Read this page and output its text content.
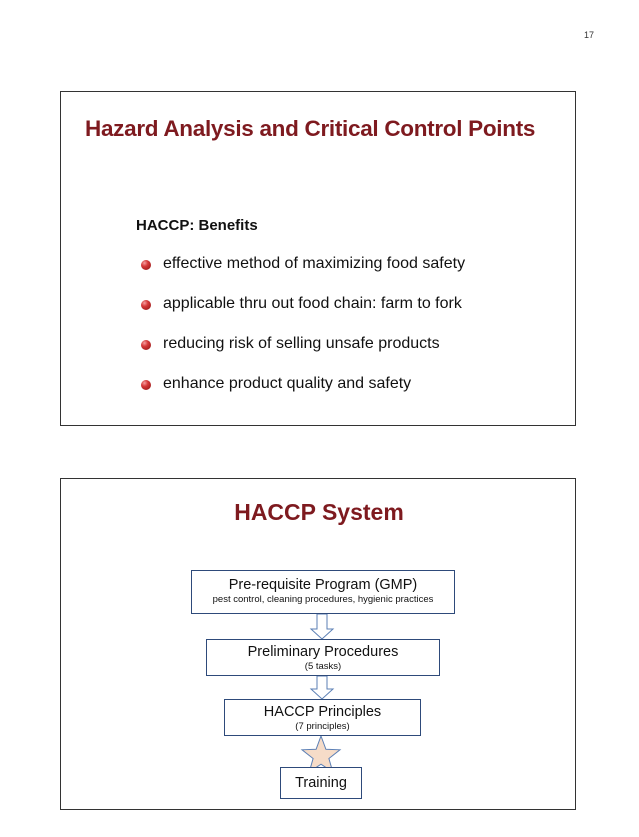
17
Hazard Analysis and Critical Control Points
HACCP: Benefits
effective method of maximizing food safety
applicable thru out food chain: farm to fork
reducing risk of selling unsafe products
enhance product quality and safety
HACCP System
Pre-requisite Program (GMP)
pest control, cleaning procedures, hygienic practices
Preliminary Procedures
(5 tasks)
HACCP Principles
(7 principles)
Training
